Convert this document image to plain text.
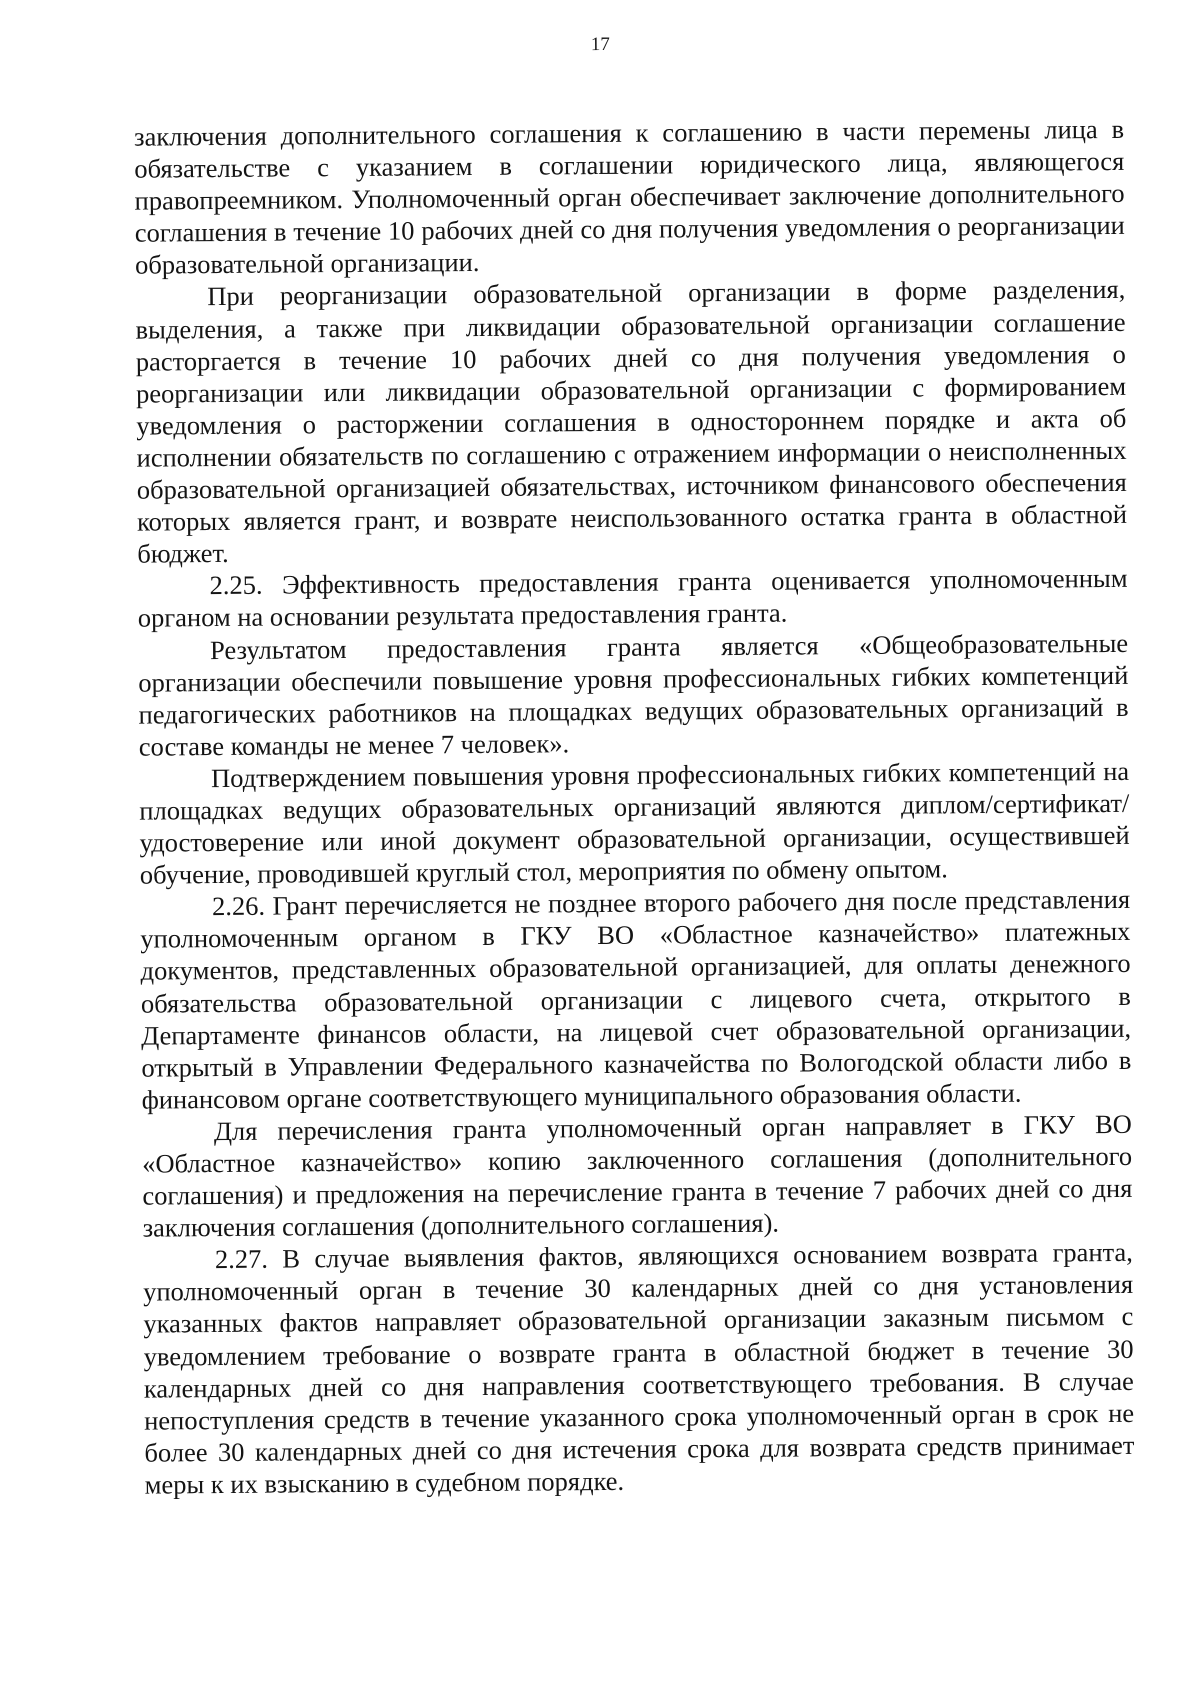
17

заключения дополнительного соглашения к соглашению в части перемены лица в обязательстве с указанием в соглашении юридического лица, являющегося правопреемником. Уполномоченный орган обеспечивает заключение дополнительного соглашения в течение 10 рабочих дней со дня получения уведомления о реорганизации образовательной организации.

При реорганизации образовательной организации в форме разделения, выделения, а также при ликвидации образовательной организации соглашение расторгается в течение 10 рабочих дней со дня получения уведомления о реорганизации или ликвидации образовательной организации с формированием уведомления о расторжении соглашения в одностороннем порядке и акта об исполнении обязательств по соглашению с отражением информации о неисполненных образовательной организацией обязательствах, источником финансового обеспечения которых является грант, и возврате неиспользованного остатка гранта в областной бюджет.

2.25. Эффективность предоставления гранта оценивается уполномоченным органом на основании результата предоставления гранта.

Результатом предоставления гранта является «Общеобразовательные организации обеспечили повышение уровня профессиональных гибких компетенций педагогических работников на площадках ведущих образовательных организаций в составе команды не менее 7 человек».

Подтверждением повышения уровня профессиональных гибких компетенций на площадках ведущих образовательных организаций являются диплом/сертификат/удостоверение или иной документ образовательной организации, осуществившей обучение, проводившей круглый стол, мероприятия по обмену опытом.

2.26. Грант перечисляется не позднее второго рабочего дня после представления уполномоченным органом в ГКУ ВО «Областное казначейство» платежных документов, представленных образовательной организацией, для оплаты денежного обязательства образовательной организации с лицевого счета, открытого в Департаменте финансов области, на лицевой счет образовательной организации, открытый в Управлении Федерального казначейства по Вологодской области либо в финансовом органе соответствующего муниципального образования области.

Для перечисления гранта уполномоченный орган направляет в ГКУ ВО «Областное казначейство» копию заключенного соглашения (дополнительного соглашения) и предложения на перечисление гранта в течение 7 рабочих дней со дня заключения соглашения (дополнительного соглашения).

2.27. В случае выявления фактов, являющихся основанием возврата гранта, уполномоченный орган в течение 30 календарных дней со дня установления указанных фактов направляет образовательной организации заказным письмом с уведомлением требование о возврате гранта в областной бюджет в течение 30 календарных дней со дня направления соответствующего требования. В случае непоступления средств в течение указанного срока уполномоченный орган в срок не более 30 календарных дней со дня истечения срока для возврата средств принимает меры к их взысканию в судебном порядке.
